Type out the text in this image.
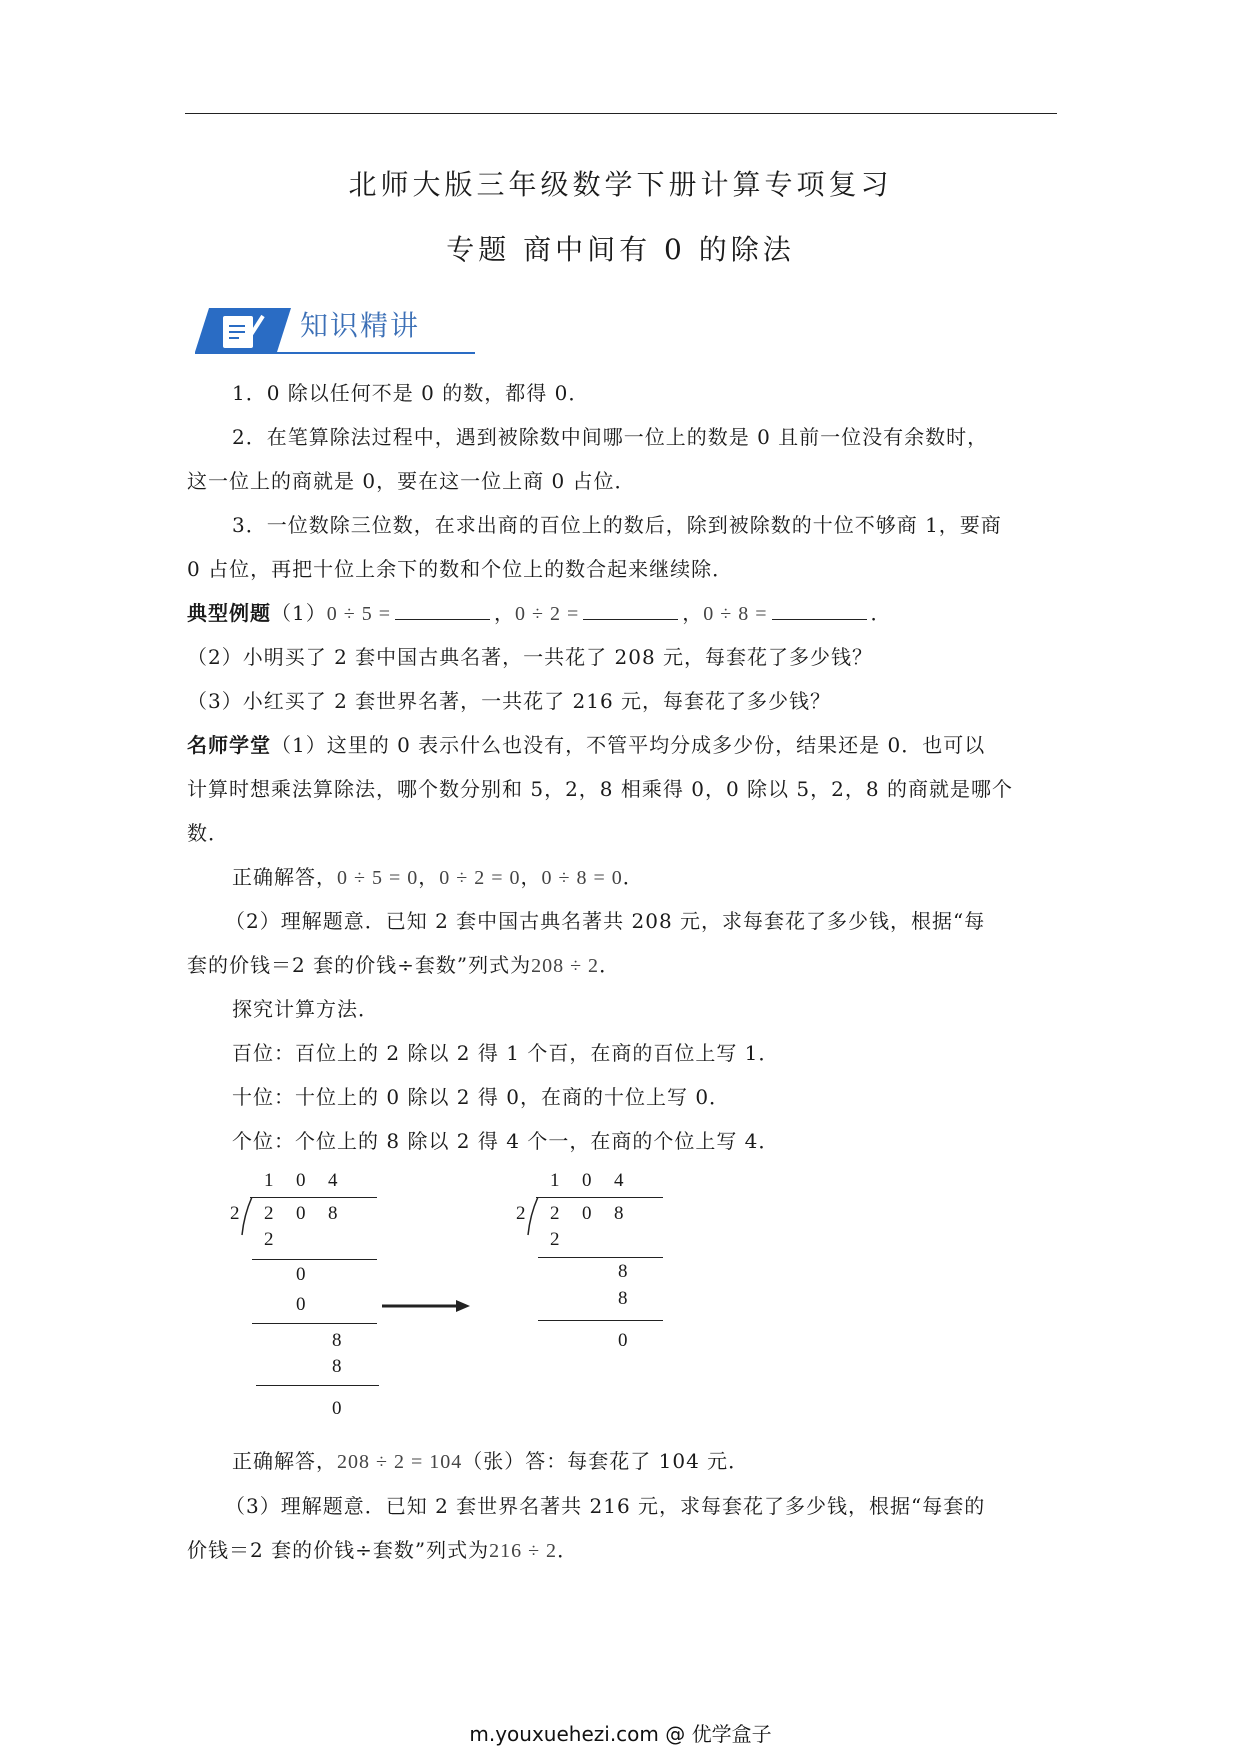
北师大版三年级数学下册计算专项复习
专题 商中间有 0 的除法
知识精讲
1．0 除以任何不是 0 的数，都得 0．
2．在笔算除法过程中，遇到被除数中间哪一位上的数是 0 且前一位没有余数时，
这一位上的商就是 0，要在这一位上商 0 占位．
3．一位数除三位数，在求出商的百位上的数后，除到被除数的十位不够商 1，要商
0 占位，再把十位上余下的数和个位上的数合起来继续除．
典型例题（1）0 ÷ 5 =	，0 ÷ 2 =	，0 ÷ 8 =	．
（2）小明买了 2 套中国古典名著，一共花了 208 元，每套花了多少钱？
（3）小红买了 2 套世界名著，一共花了 216 元，每套花了多少钱？
名师学堂（1）这里的 0 表示什么也没有，不管平均分成多少份，结果还是 0．也可以
计算时想乘法算除法，哪个数分别和 5，2，8 相乘得 0，0 除以 5，2，8 的商就是哪个
数．
正确解答，0 ÷ 5 = 0，0 ÷ 2 = 0，0 ÷ 8 = 0．
（2）理解题意．已知 2 套中国古典名著共 208 元，求每套花了多少钱，根据“每
套的价钱＝2 套的价钱÷套数”列式为208 ÷ 2．
探究计算方法．
百位：百位上的 2 除以 2 得 1 个百，在商的百位上写 1．
十位：十位上的 0 除以 2 得 0，在商的十位上写 0．
个位：个位上的 8 除以 2 得 4 个一，在商的个位上写 4．
1 0 4
2 2 0 8
2
0
0
8
8
0
1 0 4
2 2 0 8
2
8
8
0
正确解答，208 ÷ 2 = 104（张）答：每套花了 104 元．
（3）理解题意．已知 2 套世界名著共 216 元，求每套花了多少钱，根据“每套的
价钱＝2 套的价钱÷套数”列式为216 ÷ 2．
m.youxuehezi.com @ 优学盒子
